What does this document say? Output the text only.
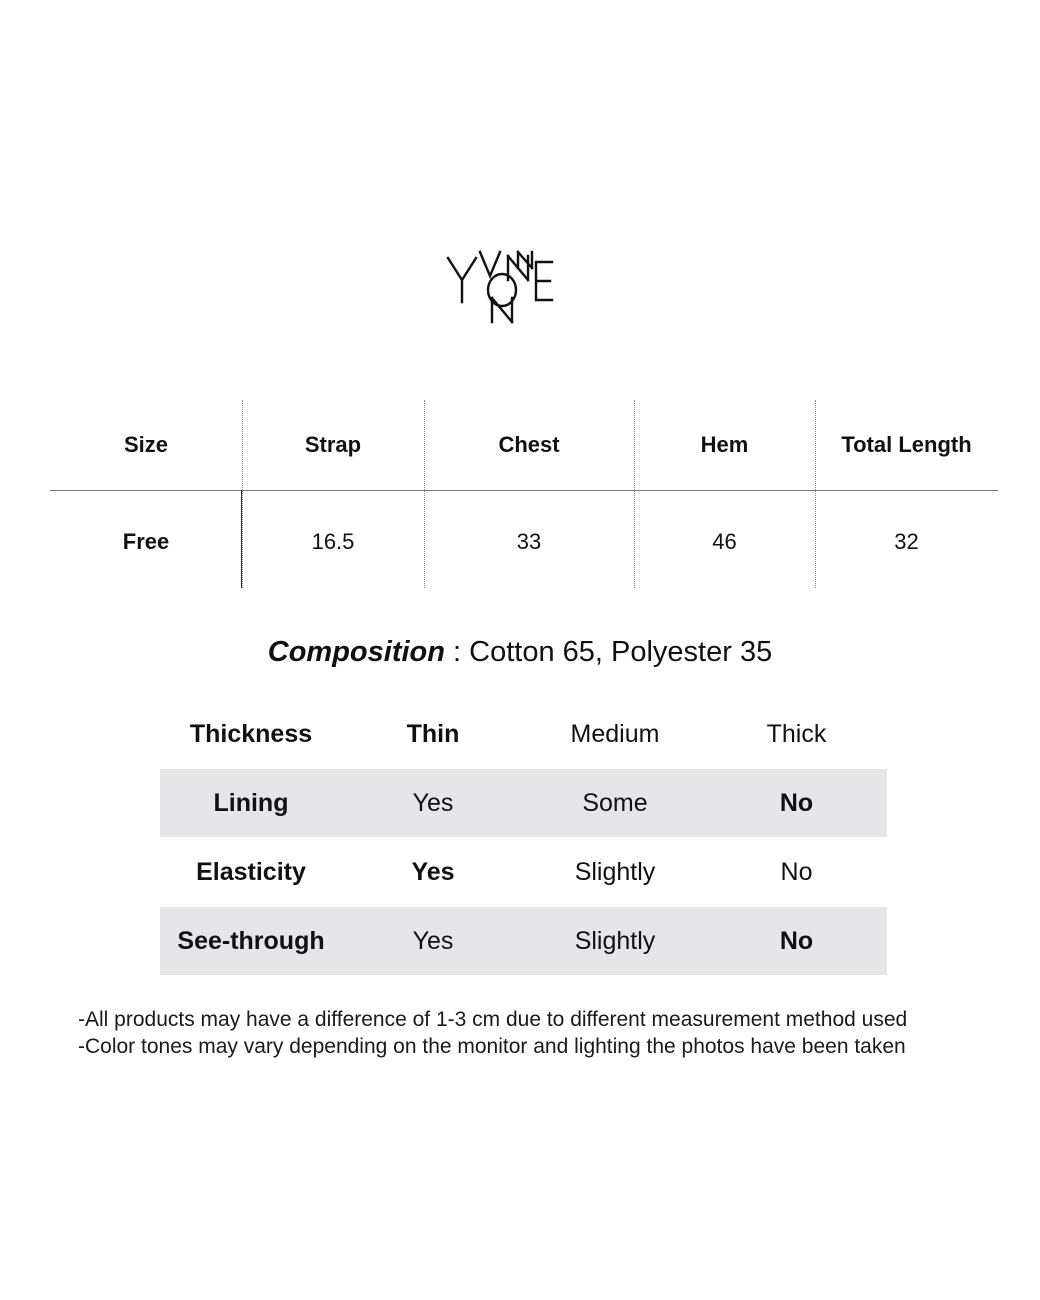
Size	Strap	Chest	Hem	Total Length
Free	16.5	33	46	32
Composition : Cotton 65, Polyester 35
Thickness	Thin	Medium	Thick
Lining	Yes	Some	No
Elasticity	Yes	Slightly	No
See-through	Yes	Slightly	No
-All products may have a difference of 1-3 cm due to different measurement method used
-Color tones may vary depending on the monitor and lighting the photos have been taken
